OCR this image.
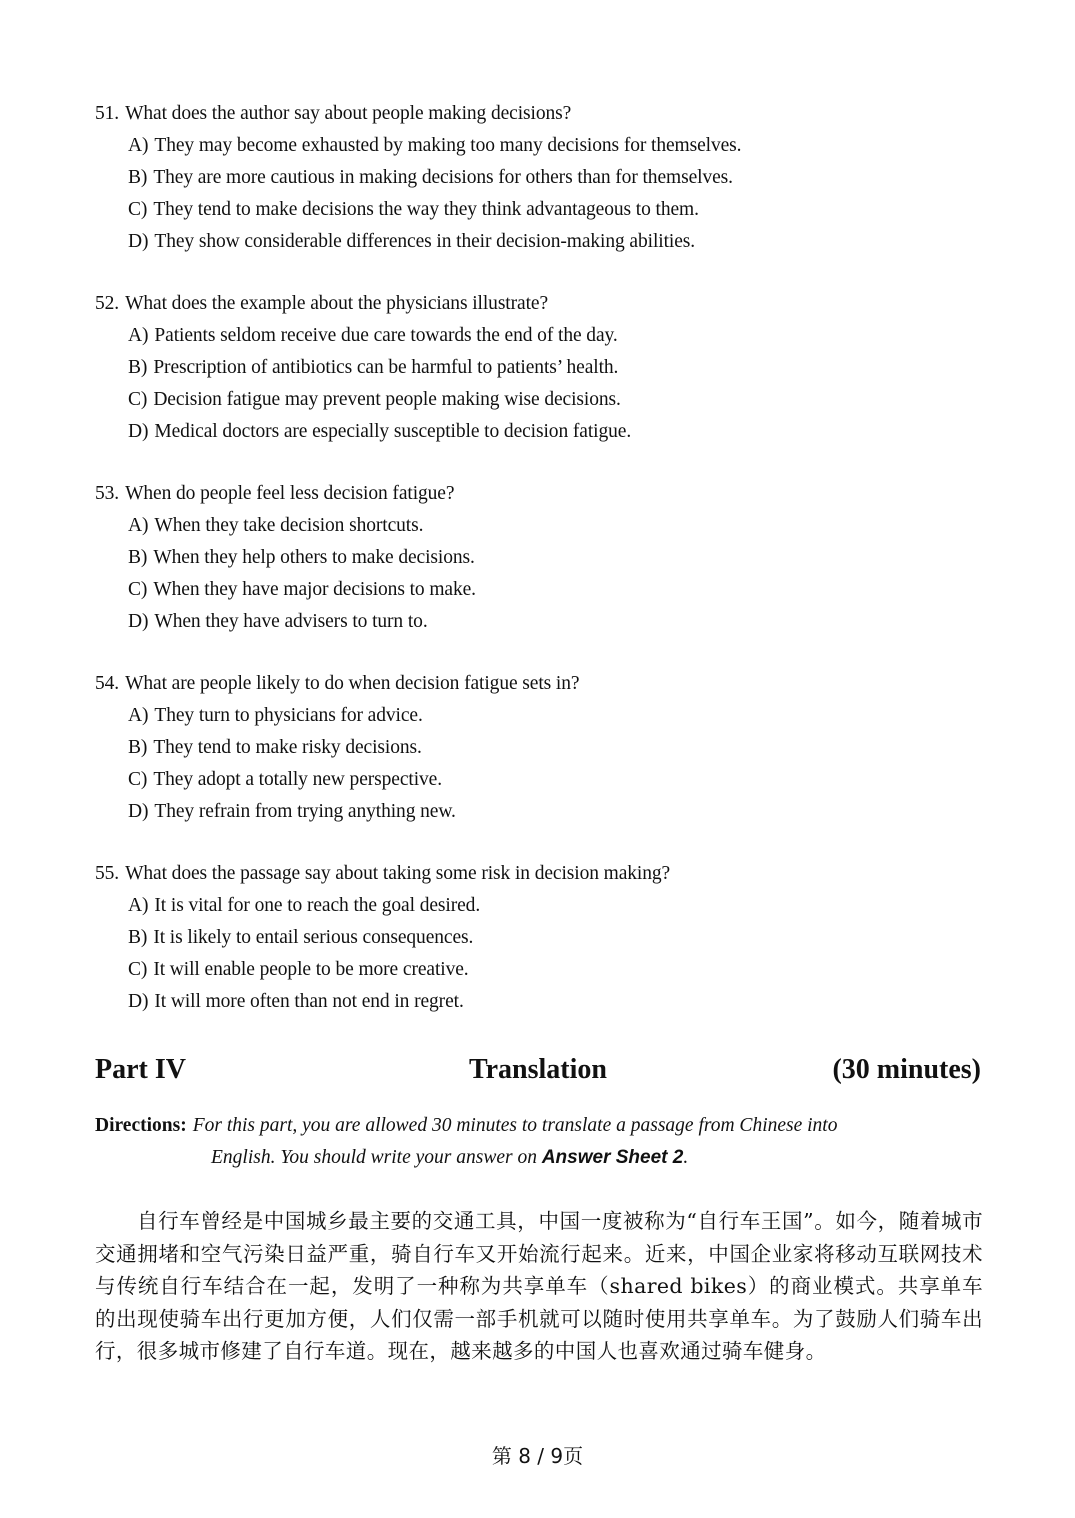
51. What does the author say about people making decisions?
A) They may become exhausted by making too many decisions for themselves.
B) They are more cautious in making decisions for others than for themselves.
C) They tend to make decisions the way they think advantageous to them.
D) They show considerable differences in their decision-making abilities.
52. What does the example about the physicians illustrate?
A) Patients seldom receive due care towards the end of the day.
B) Prescription of antibiotics can be harmful to patients’ health.
C) Decision fatigue may prevent people making wise decisions.
D) Medical doctors are especially susceptible to decision fatigue.
53. When do people feel less decision fatigue?
A) When they take decision shortcuts.
B) When they help others to make decisions.
C) When they have major decisions to make.
D) When they have advisers to turn to.
54. What are people likely to do when decision fatigue sets in?
A) They turn to physicians for advice.
B) They tend to make risky decisions.
C) They adopt a totally new perspective.
D) They refrain from trying anything new.
55. What does the passage say about taking some risk in decision making?
A) It is vital for one to reach the goal desired.
B) It is likely to entail serious consequences.
C) It will enable people to be more creative.
D) It will more often than not end in regret.
Part IV	Translation	(30 minutes)
Directions: For this part, you are allowed 30 minutes to translate a passage from Chinese into
English. You should write your answer on Answer Sheet 2.
自行车曾经是中国城乡最主要的交通工具，中国一度被称为“自行车王国”。如今，随着城市交通拥堵和空气污染日益严重，骑自行车又开始流行起来。近来，中国企业家将移动互联网技术与传统自行车结合在一起，发明了一种称为共享单车（shared bikes）的商业模式。共享单车的出现使骑车出行更加方便，人们仅需一部手机就可以随时使用共享单车。为了鼓励人们骑车出行，很多城市修建了自行车道。现在，越来越多的中国人也喜欢通过骑车健身。
第 8 / 9页
